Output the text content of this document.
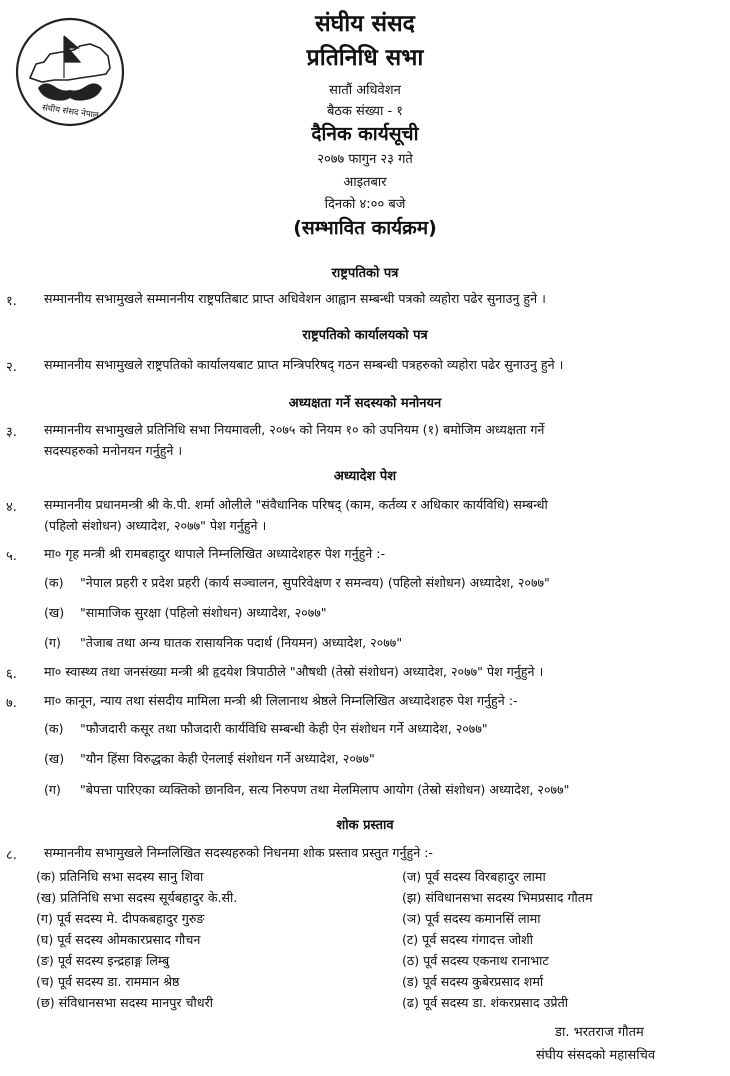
संघीय संसद नेपाल
संघीय संसद
प्रतिनिधि सभा
सातौं अधिवेशन
बैठक संख्या - १
दैनिक कार्यसूची
२०७७ फागुन २३ गते
आइतबार
दिनको ४:०० बजे
(सम्भावित कार्यक्रम)
राष्ट्रपतिको पत्र
१. सम्माननीय सभामुखले सम्माननीय राष्ट्रपतिबाट प्राप्त अधिवेशन आह्वान सम्बन्धी पत्रको व्यहोरा पढेर सुनाउनु हुने ।
राष्ट्रपतिको कार्यालयको पत्र
२. सम्माननीय सभामुखले राष्ट्रपतिको कार्यालयबाट प्राप्त मन्त्रिपरिषद् गठन सम्बन्धी पत्रहरुको व्यहोरा पढेर सुनाउनु हुने ।
अध्यक्षता गर्ने सदस्यको मनोनयन
३. सम्माननीय सभामुखले प्रतिनिधि सभा नियमावली, २०७५ को नियम १० को उपनियम (१) बमोजिम अध्यक्षता गर्ने
सदस्यहरुको मनोनयन गर्नुहुने ।
अध्यादेश पेश
४. सम्माननीय प्रधानमन्त्री श्री के.पी. शर्मा ओलीले "संवैधानिक परिषद् (काम, कर्तव्य र अधिकार कार्यविधि) सम्बन्धी
(पहिलो संशोधन) अध्यादेश, २०७७" पेश गर्नुहुने ।
५. मा० गृह मन्त्री श्री रामबहादुर थापाले निम्नलिखित अध्यादेशहरु पेश गर्नुहुने :-
(क) "नेपाल प्रहरी र प्रदेश प्रहरी (कार्य सञ्चालन, सुपरिवेक्षण र समन्वय) (पहिलो संशोधन) अध्यादेश, २०७७"
(ख) "सामाजिक सुरक्षा (पहिलो संशोधन) अध्यादेश, २०७७"
(ग) "तेजाब तथा अन्य घातक रासायनिक पदार्थ (नियमन) अध्यादेश, २०७७"
६. मा० स्वास्थ्य तथा जनसंख्या मन्त्री श्री हृदयेश त्रिपाठीले "औषधी (तेस्रो संशोधन) अध्यादेश, २०७७" पेश गर्नुहुने ।
७. मा० कानून, न्याय तथा संसदीय मामिला मन्त्री श्री लिलानाथ श्रेष्ठले निम्नलिखित अध्यादेशहरु पेश गर्नुहुने :-
(क) "फौजदारी कसूर तथा फौजदारी कार्यविधि सम्बन्धी केही ऐन संशोधन गर्ने अध्यादेश, २०७७"
(ख) "यौन हिंसा विरुद्धका केही ऐनलाई संशोधन गर्ने अध्यादेश, २०७७"
(ग) "बेपत्ता पारिएका व्यक्तिको छानविन, सत्य निरुपण तथा मेलमिलाप आयोग (तेस्रो संशोधन) अध्यादेश, २०७७"
शोक प्रस्ताव
८. सम्माननीय सभामुखले निम्नलिखित सदस्यहरुको निधनमा शोक प्रस्ताव प्रस्तुत गर्नुहुने :-
(क) प्रतिनिधि सभा सदस्य सानु शिवा
(ख) प्रतिनिधि सभा सदस्य सूर्यबहादुर के.सी.
(ग) पूर्व सदस्य मे. दीपकबहादुर गुरुङ
(घ) पूर्व सदस्य ओमकारप्रसाद गौचन
(ङ) पूर्व सदस्य इन्द्रहाङ्ग लिम्बु
(च) पूर्व सदस्य डा. राममान श्रेष्ठ
(छ) संविधानसभा सदस्य मानपुर चौधरी
(ज) पूर्व सदस्य विरबहादुर लामा
(झ) संविधानसभा सदस्य भिमप्रसाद गौतम
(ञ) पूर्व सदस्य कमानसिं लामा
(ट) पूर्व सदस्य गंगादत्त जोशी
(ठ) पूर्व सदस्य एकनाथ रानाभाट
(ड) पूर्व सदस्य कुबेरप्रसाद शर्मा
(ढ) पूर्व सदस्य डा. शंकरप्रसाद उप्रेती
डा. भरतराज गौतम
संघीय संसदको महासचिव
